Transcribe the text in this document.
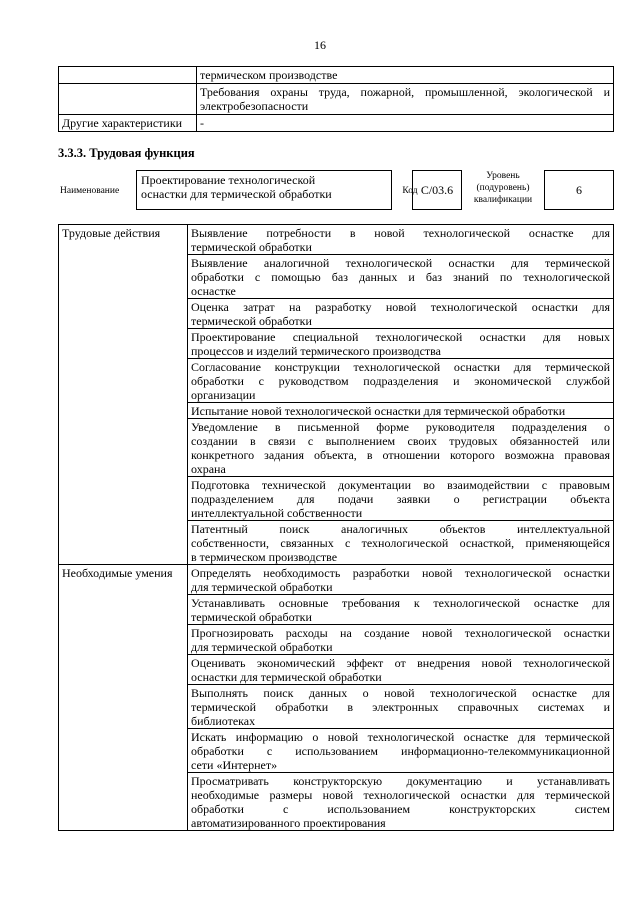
16

	термическом производстве

	Требования охраны труда, пожарной, промышленной, экологической и
электробезопасности

Другие характеристики	-
3.3.3. Трудовая функция
Наименование
Проектирование технологической
оснастки для термической обработки	Код C/03.6
Уровень
(подуровень)
квалификации
6
Трудовые действия	Выявление потребности в новой технологической оснастке для
термической обработки

	Выявление аналогичной технологической оснастки для термической
обработки с помощью баз данных и баз знаний по технологической
оснастке

	Оценка затрат на разработку новой технологической оснастки для
термической обработки

	Проектирование специальной технологической оснастки для новых
процессов и изделий термического производства

	Согласование конструкции технологической оснастки для термической
обработки с руководством подразделения и экономической службой
организации

	Испытание новой технологической оснастки для термической обработки

	Уведомление в письменной форме руководителя подразделения о
создании в связи с выполнением своих трудовых обязанностей или
конкретного задания объекта, в отношении которого возможна правовая
охрана

	Подготовка технической документации во взаимодействии с правовым
подразделением для подачи заявки о регистрации объекта
интеллектуальной собственности

	Патентный поиск аналогичных объектов интеллектуальной
собственности, связанных с технологической оснасткой, применяющейся
в термическом производстве

Необходимые умения	Определять необходимость разработки новой технологической оснастки
для термической обработки

	Устанавливать основные требования к технологической оснастке для
термической обработки

	Прогнозировать расходы на создание новой технологической оснастки
для термической обработки

	Оценивать экономический эффект от внедрения новой технологической
оснастки для термической обработки

	Выполнять поиск данных о новой технологической оснастке для
термической обработки в электронных справочных системах и
библиотеках

	Искать информацию о новой технологической оснастке для термической
обработки с использованием информационно-телекоммуникационной
сети «Интернет»

	Просматривать конструкторскую документацию и устанавливать
необходимые размеры новой технологической оснастки для термической
обработки с использованием конструкторских систем
автоматизированного проектирования
